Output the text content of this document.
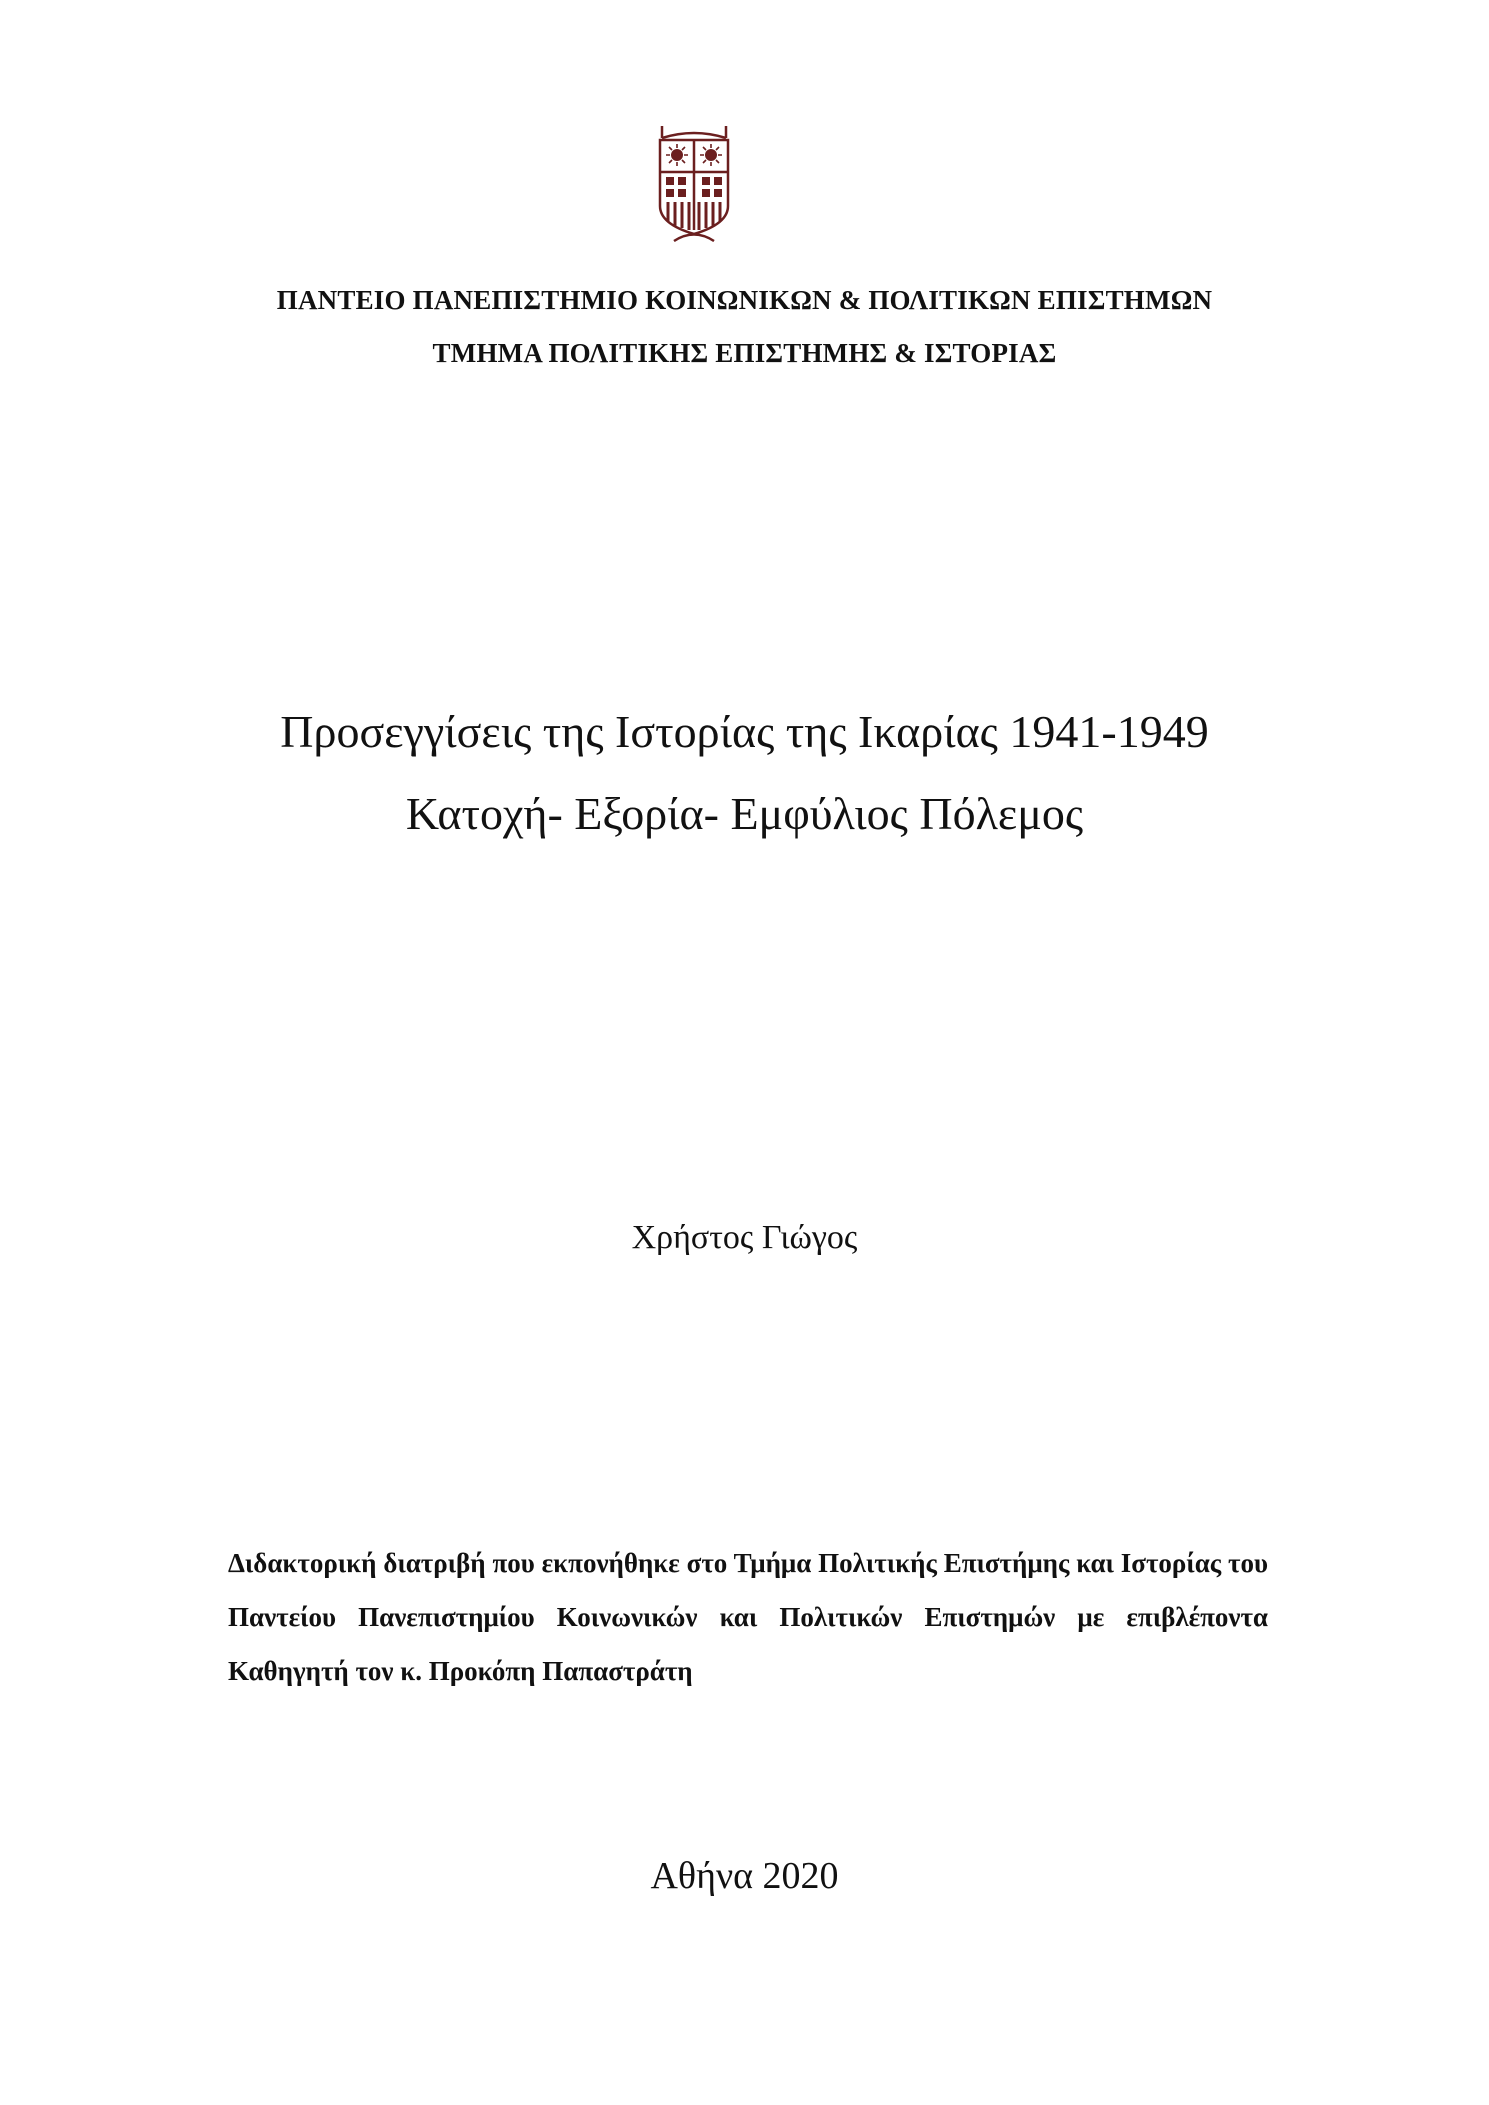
ΠΑΝΤΕΙΟ ΠΑΝΕΠΙΣΤΗΜΙΟ ΚΟΙΝΩΝΙΚΩΝ & ΠΟΛΙΤΙΚΩΝ ΕΠΙΣΤΗΜΩΝ
ΤΜΗΜΑ ΠΟΛΙΤΙΚΗΣ ΕΠΙΣΤΗΜΗΣ & ΙΣΤΟΡΙΑΣ
Προσεγγίσεις της Ιστορίας της Ικαρίας 1941-1949
Κατοχή- Εξορία- Εμφύλιος Πόλεμος
Χρήστος Γιώγος
Διδακτορική διατριβή που εκπονήθηκε στο Τμήμα Πολιτικής Επιστήμης και Ιστορίας του Παντείου Πανεπιστημίου Κοινωνικών και Πολιτικών Επιστημών με επιβλέποντα Καθηγητή τον κ. Προκόπη Παπαστράτη
Αθήνα 2020
